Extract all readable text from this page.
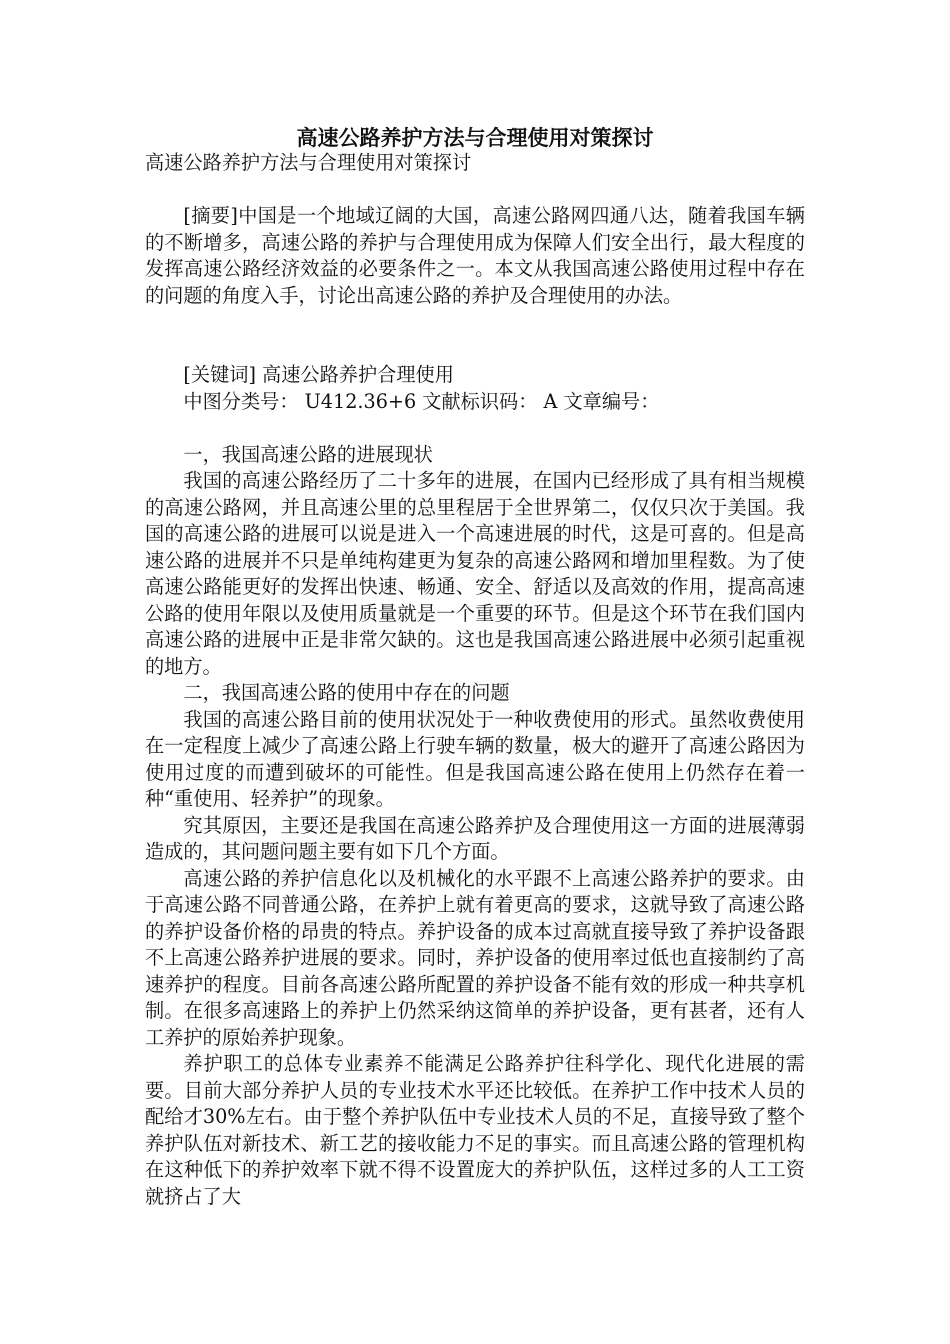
高速公路养护方法与合理使用对策探讨

高速公路养护方法与合理使用对策探讨

[摘要]中国是一个地域辽阔的大国，高速公路网四通八达，随着我国车辆的不断增多，高速公路的养护与合理使用成为保障人们安全出行，最大程度的发挥高速公路经济效益的必要条件之一。本文从我国高速公路使用过程中存在的问题的角度入手，讨论出高速公路的养护及合理使用的办法。

[关键词] 高速公路养护合理使用

中图分类号： U412.36+6 文献标识码： A 文章编号：

一，我国高速公路的进展现状

我国的高速公路经历了二十多年的进展，在国内已经形成了具有相当规模的高速公路网，并且高速公里的总里程居于全世界第二，仅仅只次于美国。我国的高速公路的进展可以说是进入一个高速进展的时代，这是可喜的。但是高速公路的进展并不只是单纯构建更为复杂的高速公路网和增加里程数。为了使高速公路能更好的发挥出快速、畅通、安全、舒适以及高效的作用，提高高速公路的使用年限以及使用质量就是一个重要的环节。但是这个环节在我们国内高速公路的进展中正是非常欠缺的。这也是我国高速公路进展中必须引起重视的地方。

二，我国高速公路的使用中存在的问题

我国的高速公路目前的使用状况处于一种收费使用的形式。虽然收费使用在一定程度上减少了高速公路上行驶车辆的数量，极大的避开了高速公路因为使用过度的而遭到破坏的可能性。但是我国高速公路在使用上仍然存在着一种“重使用、轻养护”的现象。

究其原因，主要还是我国在高速公路养护及合理使用这一方面的进展薄弱造成的，其问题问题主要有如下几个方面。

高速公路的养护信息化以及机械化的水平跟不上高速公路养护的要求。由于高速公路不同普通公路，在养护上就有着更高的要求，这就导致了高速公路的养护设备价格的昂贵的特点。养护设备的成本过高就直接导致了养护设备跟不上高速公路养护进展的要求。同时，养护设备的使用率过低也直接制约了高速养护的程度。目前各高速公路所配置的养护设备不能有效的形成一种共享机制。在很多高速路上的养护上仍然采纳这简单的养护设备，更有甚者，还有人工养护的原始养护现象。

养护职工的总体专业素养不能满足公路养护往科学化、现代化进展的需要。目前大部分养护人员的专业技术水平还比较低。在养护工作中技术人员的配给才30%左右。由于整个养护队伍中专业技术人员的不足，直接导致了整个养护队伍对新技术、新工艺的接收能力不足的事实。而且高速公路的管理机构在这种低下的养护效率下就不得不设置庞大的养护队伍，这样过多的人工工资就挤占了大
